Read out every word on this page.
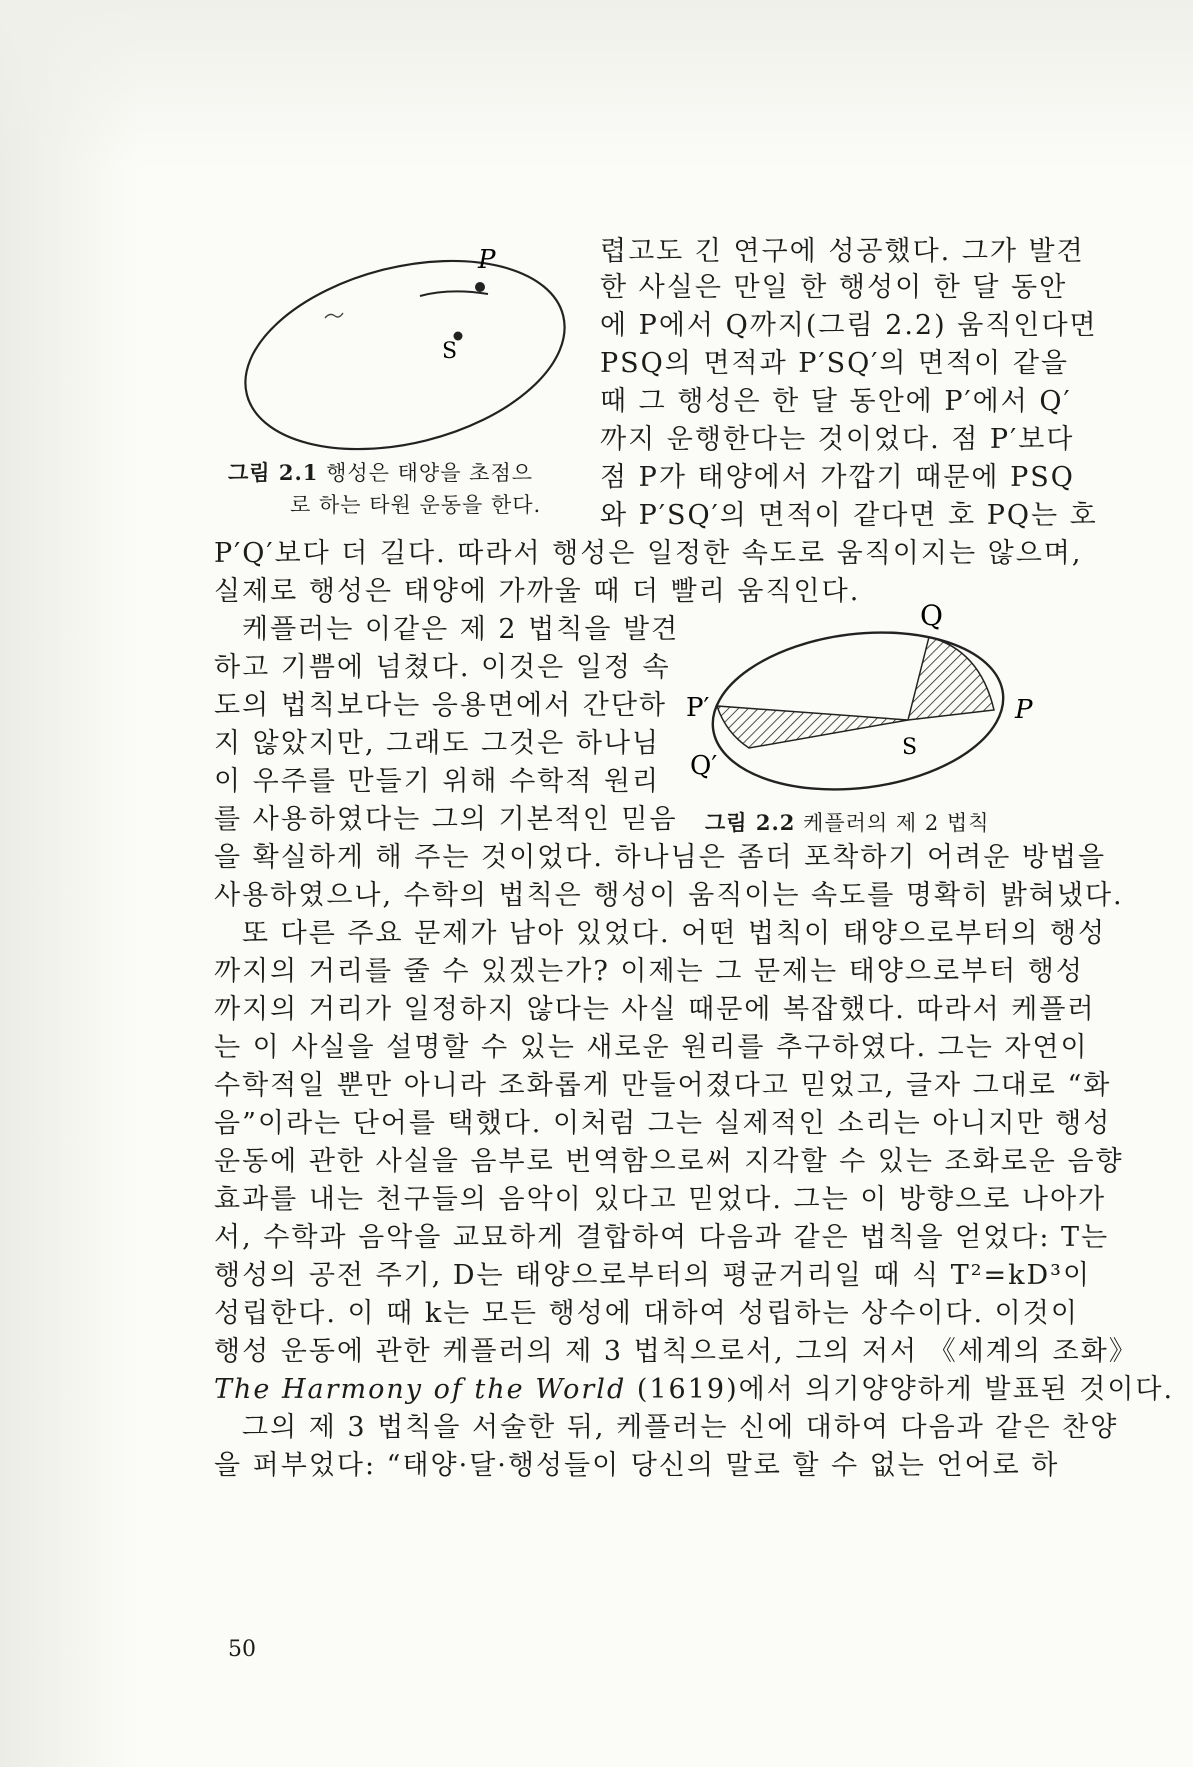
P
S
그림 2.1 행성은 태양을 초점으
로 하는 타원 운동을 한다.
렵고도 긴 연구에 성공했다. 그가 발견
한 사실은 만일 한 행성이 한 달 동안
에 P에서 Q까지(그림 2.2) 움직인다면
PSQ의 면적과 P′SQ′의 면적이 같을
때 그 행성은 한 달 동안에 P′에서 Q′
까지 운행한다는 것이었다. 점 P′보다
점 P가 태양에서 가깝기 때문에 PSQ
와 P′SQ′의 면적이 같다면 호 PQ는 호
P′Q′보다 더 길다. 따라서 행성은 일정한 속도로 움직이지는 않으며,
실제로 행성은 태양에 가까울 때 더 빨리 움직인다.
케플러는 이같은 제 2 법칙을 발견
하고 기쁨에 넘쳤다. 이것은 일정 속
도의 법칙보다는 응용면에서 간단하
지 않았지만, 그래도 그것은 하나님
이 우주를 만들기 위해 수학적 원리
를 사용하였다는 그의 기본적인 믿음
Q
P′
S
P
Q′
그림 2.2 케플러의 제 2 법칙
을 확실하게 해 주는 것이었다. 하나님은 좀더 포착하기 어려운 방법을
사용하였으나, 수학의 법칙은 행성이 움직이는 속도를 명확히 밝혀냈다.
또 다른 주요 문제가 남아 있었다. 어떤 법칙이 태양으로부터의 행성
까지의 거리를 줄 수 있겠는가? 이제는 그 문제는 태양으로부터 행성
까지의 거리가 일정하지 않다는 사실 때문에 복잡했다. 따라서 케플러
는 이 사실을 설명할 수 있는 새로운 원리를 추구하였다. 그는 자연이
수학적일 뿐만 아니라 조화롭게 만들어졌다고 믿었고, 글자 그대로 “화
음”이라는 단어를 택했다. 이처럼 그는 실제적인 소리는 아니지만 행성
운동에 관한 사실을 음부로 번역함으로써 지각할 수 있는 조화로운 음향
효과를 내는 천구들의 음악이 있다고 믿었다. 그는 이 방향으로 나아가
서, 수학과 음악을 교묘하게 결합하여 다음과 같은 법칙을 얻었다: T는
행성의 공전 주기, D는 태양으로부터의 평균거리일 때 식 T²=kD³이
성립한다. 이 때 k는 모든 행성에 대하여 성립하는 상수이다. 이것이
행성 운동에 관한 케플러의 제 3 법칙으로서, 그의 저서 《세계의 조화》
The Harmony of the World (1619)에서 의기양양하게 발표된 것이다.
그의 제 3 법칙을 서술한 뒤, 케플러는 신에 대하여 다음과 같은 찬양
을 퍼부었다: “태양·달·행성들이 당신의 말로 할 수 없는 언어로 하
50
